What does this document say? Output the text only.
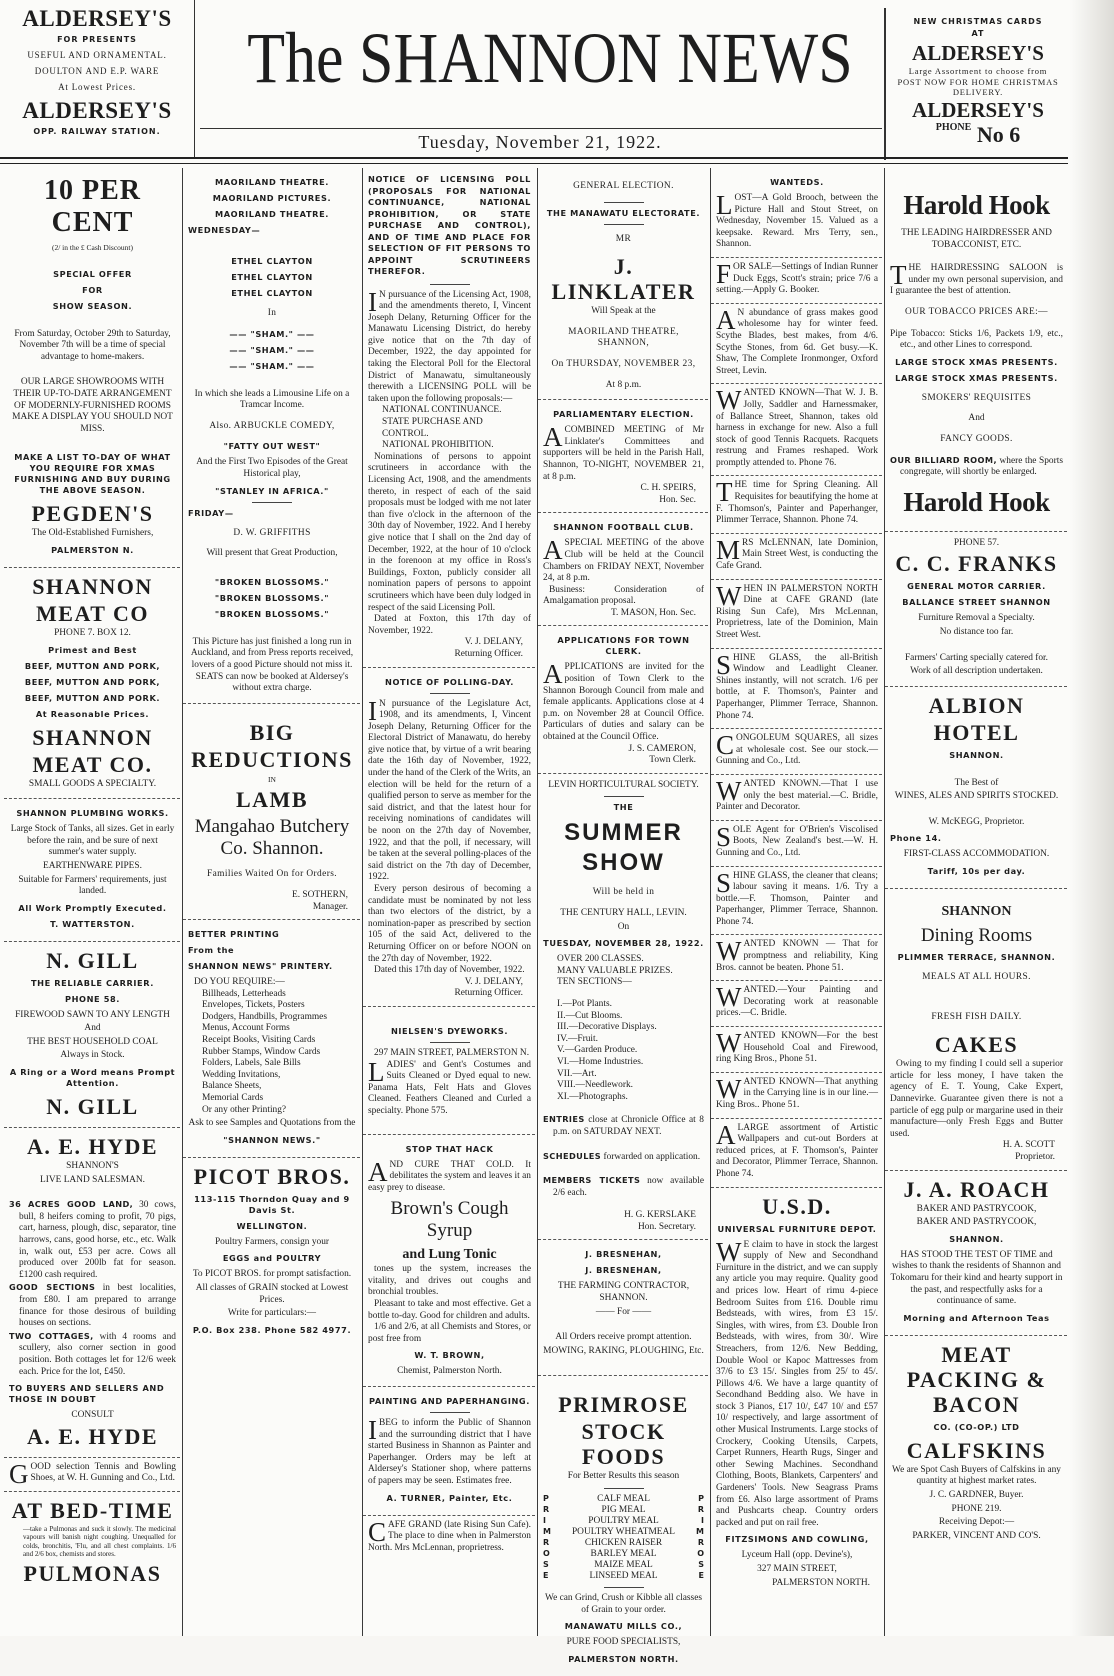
ALDERSEY'S
FOR PRESENTS
USEFUL AND ORNAMENTAL.
DOULTON AND E.P. WARE
At Lowest Prices.
ALDERSEY'S
OPP. RAILWAY STATION.
The SHANNON NEWS
Tuesday, November 21, 1922.
NEW CHRISTMAS CARDS
AT
ALDERSEY'S
Large Assortment to choose from
POST NOW FOR HOME CHRISTMAS DELIVERY.
ALDERSEY'S
$^{PHONE}$ No 6
10 PER CENT
(2/ in the £ Cash Discount)
SPECIAL OFFER
FOR
SHOW SEASON.
From Saturday, October 29th to Saturday, November 7th will be a time of special advantage to home-makers.
OUR LARGE SHOWROOMS WITH THEIR UP-TO-DATE ARRANGEMENT OF MODERNLY-FURNISHED ROOMS MAKE A DISPLAY YOU SHOULD NOT MISS.
MAKE A LIST TO-DAY OF WHAT YOU REQUIRE FOR XMAS FURNISHING AND BUY DURING THE ABOVE SEASON.
PEGDEN'S
The Old-Established Furnishers,
PALMERSTON N.
SHANNON
MEAT CO
PHONE 7. BOX 12.
Primest and Best
BEEF, MUTTON AND PORK,
BEEF, MUTTON AND PORK,
BEEF, MUTTON AND PORK.
At Reasonable Prices.
SHANNON
MEAT CO.
SMALL GOODS A SPECIALTY.
SHANNON PLUMBING WORKS.
Large Stock of Tanks, all sizes. Get in early before the rain, and be sure of next summer's water supply.
EARTHENWARE PIPES.
Suitable for Farmers' requirements, just landed.
All Work Promptly Executed.
T. WATTERSTON.
N. GILL
THE RELIABLE CARRIER.
PHONE 58.
FIREWOOD SAWN TO ANY LENGTH
And
THE BEST HOUSEHOLD COAL
Always in Stock.
A Ring or a Word means Prompt Attention.
N. GILL
A. E. HYDE
SHANNON'S
LIVE LAND SALESMAN.
36 ACRES GOOD LAND, 30 cows, bull, 8 heifers coming to profit, 70 pigs, cart, harness, plough, disc, separator, tine harrows, cans, good horse, etc., etc. Walk in, walk out, £53 per acre. Cows all produced over 200lb fat for season. £1200 cash required.
GOOD SECTIONS in best localities, from £80. I am prepared to arrange finance for those desirous of building houses on sections.
TWO COTTAGES, with 4 rooms and scullery, also corner section in good position. Both cottages let for 12/6 week each. Price for the lot, £450.
TO BUYERS AND SELLERS AND THOSE IN DOUBT
CONSULT
A. E. HYDE
GOOD selection Tennis and Bowling Shoes, at W. H. Gunning and Co., Ltd.
AT BED-TIME
—take a Pulmonas and suck it slowly. The medicinal vapours will banish night coughing. Unequalled for colds, bronchitis, 'Flu, and all chest complaints. 1/6 and 2/6 box, chemists and stores.
PULMONAS
MAORILAND THEATRE.
MAORILAND PICTURES.
MAORILAND THEATRE.
WEDNESDAY—
ETHEL CLAYTON
ETHEL CLAYTON
ETHEL CLAYTON
In
—— "SHAM." ——
—— "SHAM." ——
—— "SHAM." ——
In which she leads a Limousine Life on a Tramcar Income.
Also. ARBUCKLE COMEDY,
"FATTY OUT WEST"
And the First Two Episodes of the Great Historical play,
"STANLEY IN AFRICA."
FRIDAY—
D. W. GRIFFITHS
Will present that Great Production,
"BROKEN BLOSSOMS."
"BROKEN BLOSSOMS."
"BROKEN BLOSSOMS."
This Picture has just finished a long run in Auckland, and from Press reports received, lovers of a good Picture should not miss it. SEATS can now be booked at Aldersey's without extra charge.
BIG
REDUCTIONS
IN
LAMB
Mangahao Butchery Co. Shannon.
Families Waited On for Orders.
E. SOTHERN,
Manager.
BETTER PRINTING
From the
SHANNON NEWS" PRINTERY.
DO YOU REQUIRE:—
Billheads, Letterheads
Envelopes, Tickets, Posters
Dodgers, Handbills, Programmes
Menus, Account Forms
Receipt Books, Visiting Cards
Rubber Stamps, Window Cards
Folders, Labels, Sale Bills
Wedding Invitations,
Balance Sheets,
Memorial Cards
Or any other Printing?
Ask to see Samples and Quotations from the
"SHANNON NEWS."
PICOT BROS.
113-115 Thorndon Quay and 9 Davis St.
WELLINGTON.
Poultry Farmers, consign your
EGGS and POULTRY
To PICOT BROS. for prompt satisfaction.
All classes of GRAIN stocked at Lowest Prices.
Write for particulars:—
P.O. Box 238. Phone 582 4977.
NOTICE OF LICENSING POLL (PROPOSALS FOR NATIONAL CONTINUANCE, NATIONAL PROHIBITION, OR STATE PURCHASE AND CONTROL), AND OF TIME AND PLACE FOR SELECTION OF FIT PERSONS TO APPOINT SCRUTINEERS THEREFOR.
IN pursuance of the Licensing Act, 1908, and the amendments thereto, I, Vincent Joseph Delany, Returning Officer for the Manawatu Licensing District, do hereby give notice that on the 7th day of December, 1922, the day appointed for taking the Electoral Poll for the Electoral District of Manawatu, simultaneously therewith a LICENSING POLL will be taken upon the following proposals:—
NATIONAL CONTINUANCE.
STATE PURCHASE AND CONTROL.
NATIONAL PROHIBITION.
Nominations of persons to appoint scrutineers in accordance with the Licensing Act, 1908, and the amendments thereto, in respect of each of the said proposals must be lodged with me not later than five o'clock in the afternoon of the 30th day of November, 1922. And I hereby give notice that I shall on the 2nd day of December, 1922, at the hour of 10 o'clock in the forenoon at my office in Ross's Buildings, Foxton, publicly consider all nomination papers of persons to appoint scrutineers which have been duly lodged in respect of the said Licensing Poll.
Dated at Foxton, this 17th day of November, 1922.
V. J. DELANY,
Returning Officer.
NOTICE OF POLLING-DAY.
IN pursuance of the Legislature Act, 1908, and its amendments, I, Vincent Joseph Delany, Returning Officer for the Electoral District of Manawatu, do hereby give notice that, by virtue of a writ bearing date the 16th day of November, 1922, under the hand of the Clerk of the Writs, an election will be held for the return of a qualified person to serve as member for the said district, and that the latest hour for receiving nominations of candidates will be noon on the 27th day of November, 1922, and that the poll, if necessary, will be taken at the several polling-places of the said district on the 7th day of December, 1922.
Every person desirous of becoming a candidate must be nominated by not less than two electors of the district, by a nomination-paper as prescribed by section 105 of the said Act, delivered to the Returning Officer on or before NOON on the 27th day of November, 1922.
Dated this 17th day of November, 1922.
V. J. DELANY,
Returning Officer.
NIELSEN'S DYEWORKS.
297 MAIN STREET, PALMERSTON N.
LADIES' and Gent's Costumes and Suits Cleaned or Dyed equal to new. Panama Hats, Felt Hats and Gloves Cleaned. Feathers Cleaned and Curled a specialty. Phone 575.
STOP THAT HACK
AND CURE THAT COLD. It debilitates the system and leaves it an easy prey to disease.
Brown's Cough Syrup
and Lung Tonic
tones up the system, increases the vitality, and drives out coughs and bronchial troubles.
Pleasant to take and most effective. Get a bottle to-day. Good for children and adults.
1/6 and 2/6, at all Chemists and Stores, or post free from
W. T. BROWN,
Chemist, Palmerston North.
PAINTING AND PAPERHANGING.
IBEG to inform the Public of Shannon and the surrounding district that I have started Business in Shannon as Painter and Paperhanger. Orders may be left at Aldersey's Stationer shop, where patterns of papers may be seen. Estimates free.
A. TURNER, Painter, Etc.
CAFE GRAND (late Rising Sun Cafe). The place to dine when in Palmerston North. Mrs McLennan, proprietress.
GENERAL ELECTION.
THE MANAWATU ELECTORATE.
MR
J. LINKLATER
Will Speak at the
MAORILAND THEATRE, SHANNON,
On THURSDAY, NOVEMBER 23,
At 8 p.m.
PARLIAMENTARY ELECTION.
ACOMBINED MEETING of Mr Linklater's Committees and supporters will be held in the Parish Hall, Shannon, TO-NIGHT, NOVEMBER 21, at 8 p.m.
C. H. SPEIRS,
Hon. Sec.
SHANNON FOOTBALL CLUB.
ASPECIAL MEETING of the above Club will be held at the Council Chambers on FRIDAY NEXT, November 24, at 8 p.m.
Business: Consideration of Amalgamation proposal.
T. MASON, Hon. Sec.
APPLICATIONS FOR TOWN CLERK.
APPLICATIONS are invited for the position of Town Clerk to the Shannon Borough Council from male and female applicants. Applications close at 4 p.m. on November 28 at Council Office. Particulars of duties and salary can be obtained at the Council Office.
J. S. CAMERON,
Town Clerk.
LEVIN HORTICULTURAL SOCIETY.
THE
SUMMER SHOW
Will be held in
THE CENTURY HALL, LEVIN.
On
TUESDAY, NOVEMBER 28, 1922.
OVER 200 CLASSES.
MANY VALUABLE PRIZES.
TEN SECTIONS—
I.—Pot Plants.
II.—Cut Blooms.
III.—Decorative Displays.
IV.—Fruit.
V.—Garden Produce.
VI.—Home Industries.
VII.—Art.
VIII.—Needlework.
XI.—Photographs.
ENTRIES close at Chronicle Office at 8 p.m. on SATURDAY NEXT.
SCHEDULES forwarded on application.
MEMBERS TICKETS now available 2/6 each.
H. G. KERSLAKE
Hon. Secretary.
J. BRESNEHAN,
J. BRESNEHAN,
THE FARMING CONTRACTOR, SHANNON.
—— For ——
All Orders receive prompt attention.
MOWING, RAKING, PLOUGHING, Etc.
PRIMROSE
STOCK FOODS
For Better Results this season
P	CALF MEAL	P
R	PIG MEAL	R
I	POULTRY MEAL	I
M	POULTRY WHEATMEAL	M
R	CHICKEN RAISER	R
O	BARLEY MEAL	O
S	MAIZE MEAL	S
E	LINSEED MEAL	E
We can Grind, Crush or Kibble all classes of Grain to your order.
MANAWATU MILLS CO.,
PURE FOOD SPECIALISTS,
PALMERSTON NORTH.
WANTEDS.
LOST—A Gold Brooch, between the Picture Hall and Stout Street, on Wednesday, November 15. Valued as a keepsake. Reward. Mrs Terry, sen., Shannon.
FOR SALE—Settings of Indian Runner Duck Eggs, Scott's strain; price 7/6 a setting.—Apply G. Booker.
AN abundance of grass makes good wholesome hay for winter feed. Scythe Blades, best makes, from 4/6. Scythe Stones, from 6d. Get busy.—K. Shaw, The Complete Ironmonger, Oxford Street, Levin.
WANTED KNOWN—That W. J. B. Jolly, Saddler and Harnessmaker, of Ballance Street, Shannon, takes old harness in exchange for new. Also a full stock of good Tennis Racquets. Racquets restrung and Frames reshaped. Work promptly attended to. Phone 76.
THE time for Spring Cleaning. All Requisites for beautifying the home at F. Thomson's, Painter and Paperhanger, Plimmer Terrace, Shannon. Phone 74.
MRS McLENNAN, late Dominion, Main Street West, is conducting the Cafe Grand.
WHEN IN PALMERSTON NORTH Dine at CAFE GRAND (late Rising Sun Cafe), Mrs McLennan, Proprietress, late of the Dominion, Main Street West.
SHINE GLASS, the all-British Window and Leadlight Cleaner. Shines instantly, will not scratch. 1/6 per bottle, at F. Thomson's, Painter and Paperhanger, Plimmer Terrace, Shannon. Phone 74.
CONGOLEUM SQUARES, all sizes at wholesale cost. See our stock.—Gunning and Co., Ltd.
WANTED KNOWN.—That I use only the best material.—C. Bridle, Painter and Decorator.
SOLE Agent for O'Brien's Viscolised Boots, New Zealand's best.—W. H. Gunning and Co., Ltd.
SHINE GLASS, the cleaner that cleans; labour saving it means. 1/6. Try a bottle.—F. Thomson, Painter and Paperhanger, Plimmer Terrace, Shannon. Phone 74.
WANTED KNOWN — That for promptness and reliability, King Bros. cannot be beaten. Phone 51.
WANTED.—Your Painting and Decorating work at reasonable prices.—C. Bridle.
WANTED KNOWN—For the best Household Coal and Firewood, ring King Bros., Phone 51.
WANTED KNOWN—That anything in the Carrying line is in our line.—King Bros.. Phone 51.
ALARGE assortment of Artistic Wallpapers and cut-out Borders at reduced prices, at F. Thomson's, Painter and Decorator, Plimmer Terrace, Shannon. Phone 74.
U.S.D.
UNIVERSAL FURNITURE DEPOT.
WE claim to have in stock the largest supply of New and Secondhand Furniture in the district, and we can supply any article you may require. Quality good and prices low. Heart of rimu 4-piece Bedroom Suites from £16. Double rimu Bedsteads, with wires, from £3 15/. Singles, with wires, from £3. Double Iron Bedsteads, with wires, from 30/. Wire Streachers, from 12/6. New Bedding, Double Wool or Kapoc Mattresses from 37/6 to £3 15/. Singles from 25/ to 45/. Pillows 4/6. We have a large quantity of Secondhand Bedding also. We have in stock 3 Pianos, £17 10/, £47 10/ and £57 10/ respectively, and large assortment of other Musical Instruments. Large stocks of Crockery, Cooking Utensils, Carpets, Carpet Runners, Hearth Rugs, Singer and other Sewing Machines. Secondhand Clothing, Boots, Blankets, Carpenters' and Gardeners' Tools. New Seagrass Prams from £6. Also large assortment of Prams and Pushcarts cheap. Country orders packed and put on rail free.
FITZSIMONS AND COWLING,
Lyceum Hall (opp. Devine's),
327 MAIN STREET,
PALMERSTON NORTH.
Harold Hook
THE LEADING HAIRDRESSER AND TOBACCONIST, ETC.
THE HAIRDRESSING SALOON is under my own personal supervision, and I guarantee the best of attention.
OUR TOBACCO PRICES ARE:—
Pipe Tobacco: Sticks 1/6, Packets 1/9, etc., etc., and other Lines to correspond.
LARGE STOCK XMAS PRESENTS.
LARGE STOCK XMAS PRESENTS.
SMOKERS' REQUISITES
And
FANCY GOODS.
OUR BILLIARD ROOM, where the Sports congregate, will shortly be enlarged.
Harold Hook
PHONE 57.
C. C. FRANKS
GENERAL MOTOR CARRIER.
BALLANCE STREET SHANNON
Furniture Removal a Specialty.
No distance too far.
Farmers' Carting specially catered for.
Work of all description undertaken.
ALBION
HOTEL
SHANNON.
The Best of
WINES, ALES AND SPIRITS STOCKED.
W. McKEGG, Proprietor.
Phone 14.
FIRST-CLASS ACCOMMODATION.
Tariff, 10s per day.
SHANNON
Dining Rooms
PLIMMER TERRACE, SHANNON.
MEALS AT ALL HOURS.
FRESH FISH DAILY.
CAKES
Owing to my finding I could sell a superior article for less money, I have taken the agency of E. T. Young, Cake Expert, Dannevirke. Guarantee given there is not a particle of egg pulp or margarine used in their manufacture—only Fresh Eggs and Butter used.
H. A. SCOTT
Proprietor.
J. A. ROACH
BAKER AND PASTRYCOOK,
BAKER AND PASTRYCOOK,
SHANNON.
HAS STOOD THE TEST OF TIME and wishes to thank the residents of Shannon and Tokomaru for their kind and hearty support in the past, and respectfully asks for a continuance of same.
Morning and Afternoon Teas
MEAT PACKING & BACON
CO. (CO-OP.) LTD
CALFSKINS
We are Spot Cash Buyers of Calfskins in any quantity at highest market rates.
J. C. GARDNER, Buyer.
PHONE 219.
Receiving Depot:—
PARKER, VINCENT AND CO'S.
